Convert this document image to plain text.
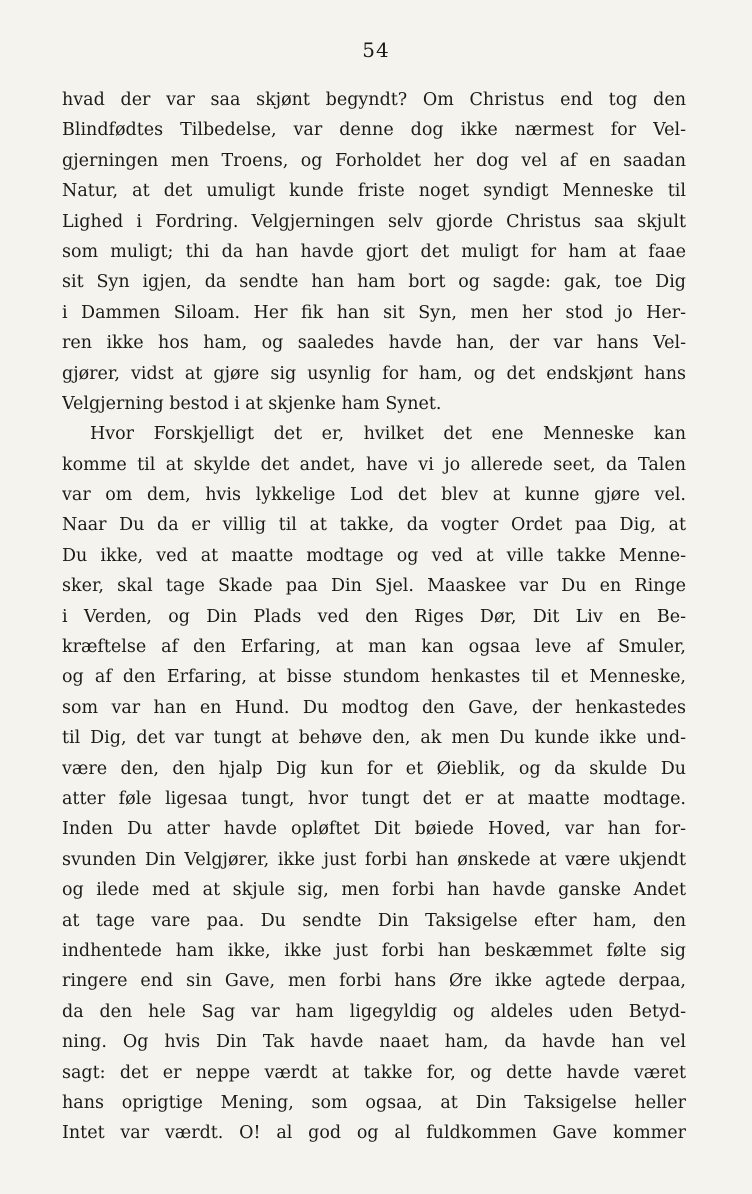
54
hvad der var saa skjønt begyndt? Om Christus end tog den
Blindfødtes Tilbedelse, var denne dog ikke nærmest for Vel-
gjerningen men Troens, og Forholdet her dog vel af en saadan
Natur, at det umuligt kunde friste noget syndigt Menneske til
Lighed i Fordring. Velgjerningen selv gjorde Christus saa skjult
som muligt; thi da han havde gjort det muligt for ham at faae
sit Syn igjen, da sendte han ham bort og sagde: gak, toe Dig
i Dammen Siloam. Her fik han sit Syn, men her stod jo Her-
ren ikke hos ham, og saaledes havde han, der var hans Vel-
gjører, vidst at gjøre sig usynlig for ham, og det endskjønt hans
Velgjerning bestod i at skjenke ham Synet.
Hvor Forskjelligt det er, hvilket det ene Menneske kan
komme til at skylde det andet, have vi jo allerede seet, da Talen
var om dem, hvis lykkelige Lod det blev at kunne gjøre vel.
Naar Du da er villig til at takke, da vogter Ordet paa Dig, at
Du ikke, ved at maatte modtage og ved at ville takke Menne-
sker, skal tage Skade paa Din Sjel. Maaskee var Du en Ringe
i Verden, og Din Plads ved den Riges Dør, Dit Liv en Be-
kræftelse af den Erfaring, at man kan ogsaa leve af Smuler,
og af den Erfaring, at bisse stundom henkastes til et Menneske,
som var han en Hund. Du modtog den Gave, der henkastedes
til Dig, det var tungt at behøve den, ak men Du kunde ikke und-
være den, den hjalp Dig kun for et Øieblik, og da skulde Du
atter føle ligesaa tungt, hvor tungt det er at maatte modtage.
Inden Du atter havde opløftet Dit bøiede Hoved, var han for-
svunden Din Velgjører, ikke just forbi han ønskede at være ukjendt
og ilede med at skjule sig, men forbi han havde ganske Andet
at tage vare paa. Du sendte Din Taksigelse efter ham, den
indhentede ham ikke, ikke just forbi han beskæmmet følte sig
ringere end sin Gave, men forbi hans Øre ikke agtede derpaa,
da den hele Sag var ham ligegyldig og aldeles uden Betyd-
ning. Og hvis Din Tak havde naaet ham, da havde han vel
sagt: det er neppe værdt at takke for, og dette havde været
hans oprigtige Mening, som ogsaa, at Din Taksigelse heller
Intet var værdt. O! al god og al fuldkommen Gave kommer
